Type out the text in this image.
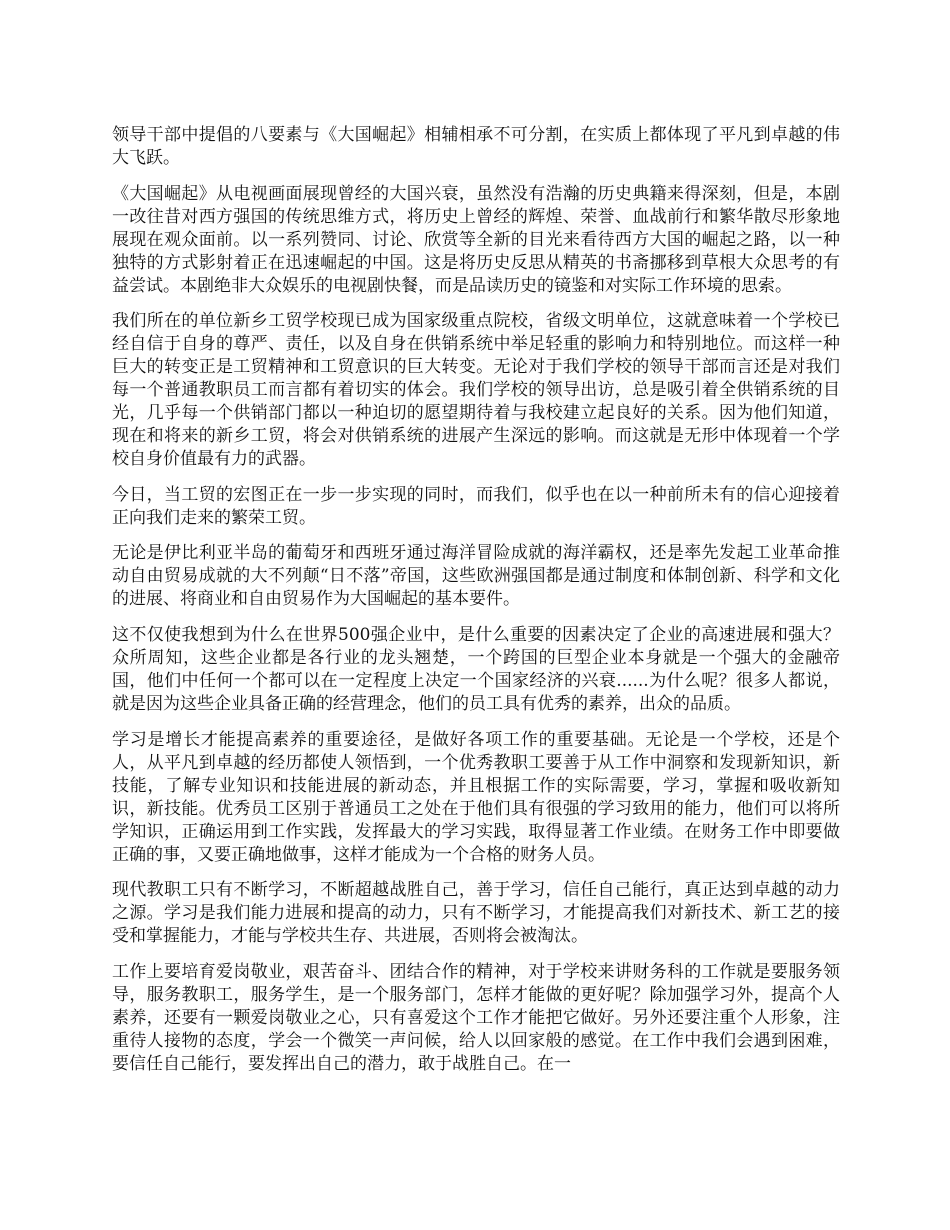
领导干部中提倡的八要素与《大国崛起》相辅相承不可分割，在实质上都体现了平凡到卓越的伟大飞跃。

《大国崛起》从电视画面展现曾经的大国兴衰，虽然没有浩瀚的历史典籍来得深刻，但是，本剧一改往昔对西方强国的传统思维方式，将历史上曾经的辉煌、荣誉、血战前行和繁华散尽形象地展现在观众面前。以一系列赞同、讨论、欣赏等全新的目光来看待西方大国的崛起之路，以一种独特的方式影射着正在迅速崛起的中国。这是将历史反思从精英的书斋挪移到草根大众思考的有益尝试。本剧绝非大众娱乐的电视剧快餐，而是品读历史的镜鉴和对实际工作环境的思索。

我们所在的单位新乡工贸学校现已成为国家级重点院校，省级文明单位，这就意味着一个学校已经自信于自身的尊严、责任，以及自身在供销系统中举足轻重的影响力和特别地位。而这样一种巨大的转变正是工贸精神和工贸意识的巨大转变。无论对于我们学校的领导干部而言还是对我们每一个普通教职员工而言都有着切实的体会。我们学校的领导出访，总是吸引着全供销系统的目光，几乎每一个供销部门都以一种迫切的愿望期待着与我校建立起良好的关系。因为他们知道，现在和将来的新乡工贸，将会对供销系统的进展产生深远的影响。而这就是无形中体现着一个学校自身价值最有力的武器。

今日，当工贸的宏图正在一步一步实现的同时，而我们，似乎也在以一种前所未有的信心迎接着正向我们走来的繁荣工贸。

无论是伊比利亚半岛的葡萄牙和西班牙通过海洋冒险成就的海洋霸权，还是率先发起工业革命推动自由贸易成就的大不列颠“日不落”帝国，这些欧洲强国都是通过制度和体制创新、科学和文化的进展、将商业和自由贸易作为大国崛起的基本要件。

这不仅使我想到为什么在世界500强企业中，是什么重要的因素决定了企业的高速进展和强大？众所周知，这些企业都是各行业的龙头翘楚，一个跨国的巨型企业本身就是一个强大的金融帝国，他们中任何一个都可以在一定程度上决定一个国家经济的兴衰......为什么呢？很多人都说，就是因为这些企业具备正确的经营理念，他们的员工具有优秀的素养，出众的品质。

学习是增长才能提高素养的重要途径，是做好各项工作的重要基础。无论是一个学校，还是个人，从平凡到卓越的经历都使人领悟到，一个优秀教职工要善于从工作中洞察和发现新知识，新技能，了解专业知识和技能进展的新动态，并且根据工作的实际需要，学习，掌握和吸收新知识，新技能。优秀员工区别于普通员工之处在于他们具有很强的学习致用的能力，他们可以将所学知识，正确运用到工作实践，发挥最大的学习实践，取得显著工作业绩。在财务工作中即要做正确的事，又要正确地做事，这样才能成为一个合格的财务人员。

现代教职工只有不断学习，不断超越战胜自己，善于学习，信任自己能行，真正达到卓越的动力之源。学习是我们能力进展和提高的动力，只有不断学习，才能提高我们对新技术、新工艺的接受和掌握能力，才能与学校共生存、共进展，否则将会被淘汰。

工作上要培育爱岗敬业，艰苦奋斗、团结合作的精神，对于学校来讲财务科的工作就是要服务领导，服务教职工，服务学生，是一个服务部门，怎样才能做的更好呢？除加强学习外，提高个人素养，还要有一颗爱岗敬业之心，只有喜爱这个工作才能把它做好。另外还要注重个人形象，注重待人接物的态度，学会一个微笑一声问候，给人以回家般的感觉。在工作中我们会遇到困难，要信任自己能行，要发挥出自己的潜力，敢于战胜自己。在一
